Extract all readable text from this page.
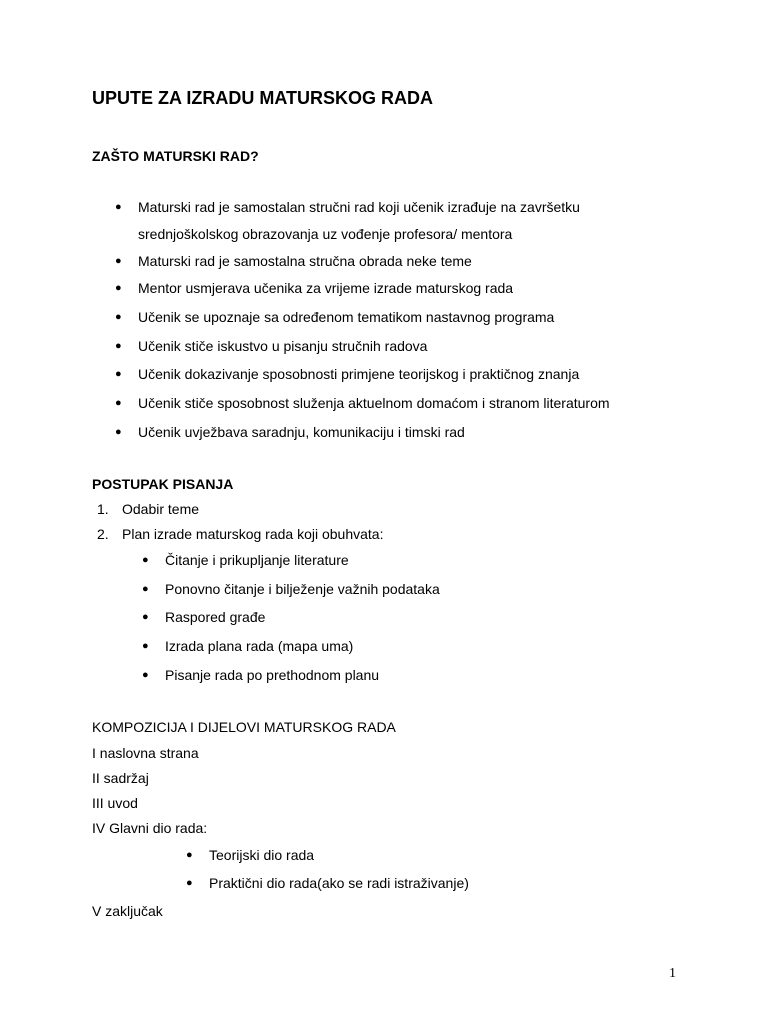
UPUTE ZA IZRADU MATURSKOG RADA
ZAŠTO MATURSKI RAD?
● Maturski rad je samostalan stručni rad koji učenik izrađuje na završetku
srednjoškolskog obrazovanja uz vođenje profesora/ mentora
● Maturski rad je samostalna stručna obrada neke teme
● Mentor usmjerava učenika za vrijeme izrade maturskog rada
● Učenik se upoznaje sa određenom tematikom nastavnog programa
● Učenik stiče iskustvo u pisanju stručnih radova
● Učenik dokazivanje sposobnosti primjene teorijskog i praktičnog znanja
● Učenik stiče sposobnost služenja aktuelnom domaćom i stranom literaturom
● Učenik uvježbava saradnju, komunikaciju i timski rad
POSTUPAK PISANJA
1. Odabir teme
2. Plan izrade maturskog rada koji obuhvata:
● Čitanje i prikupljanje literature
● Ponovno čitanje i bilježenje važnih podataka
● Raspored građe
● Izrada plana rada (mapa uma)
● Pisanje rada po prethodnom planu
KOMPOZICIJA I DIJELOVI MATURSKOG RADA
I naslovna strana
II sadržaj
III uvod
IV Glavni dio rada:
● Teorijski dio rada
● Praktični dio rada(ako se radi istraživanje)
V zaključak
1
